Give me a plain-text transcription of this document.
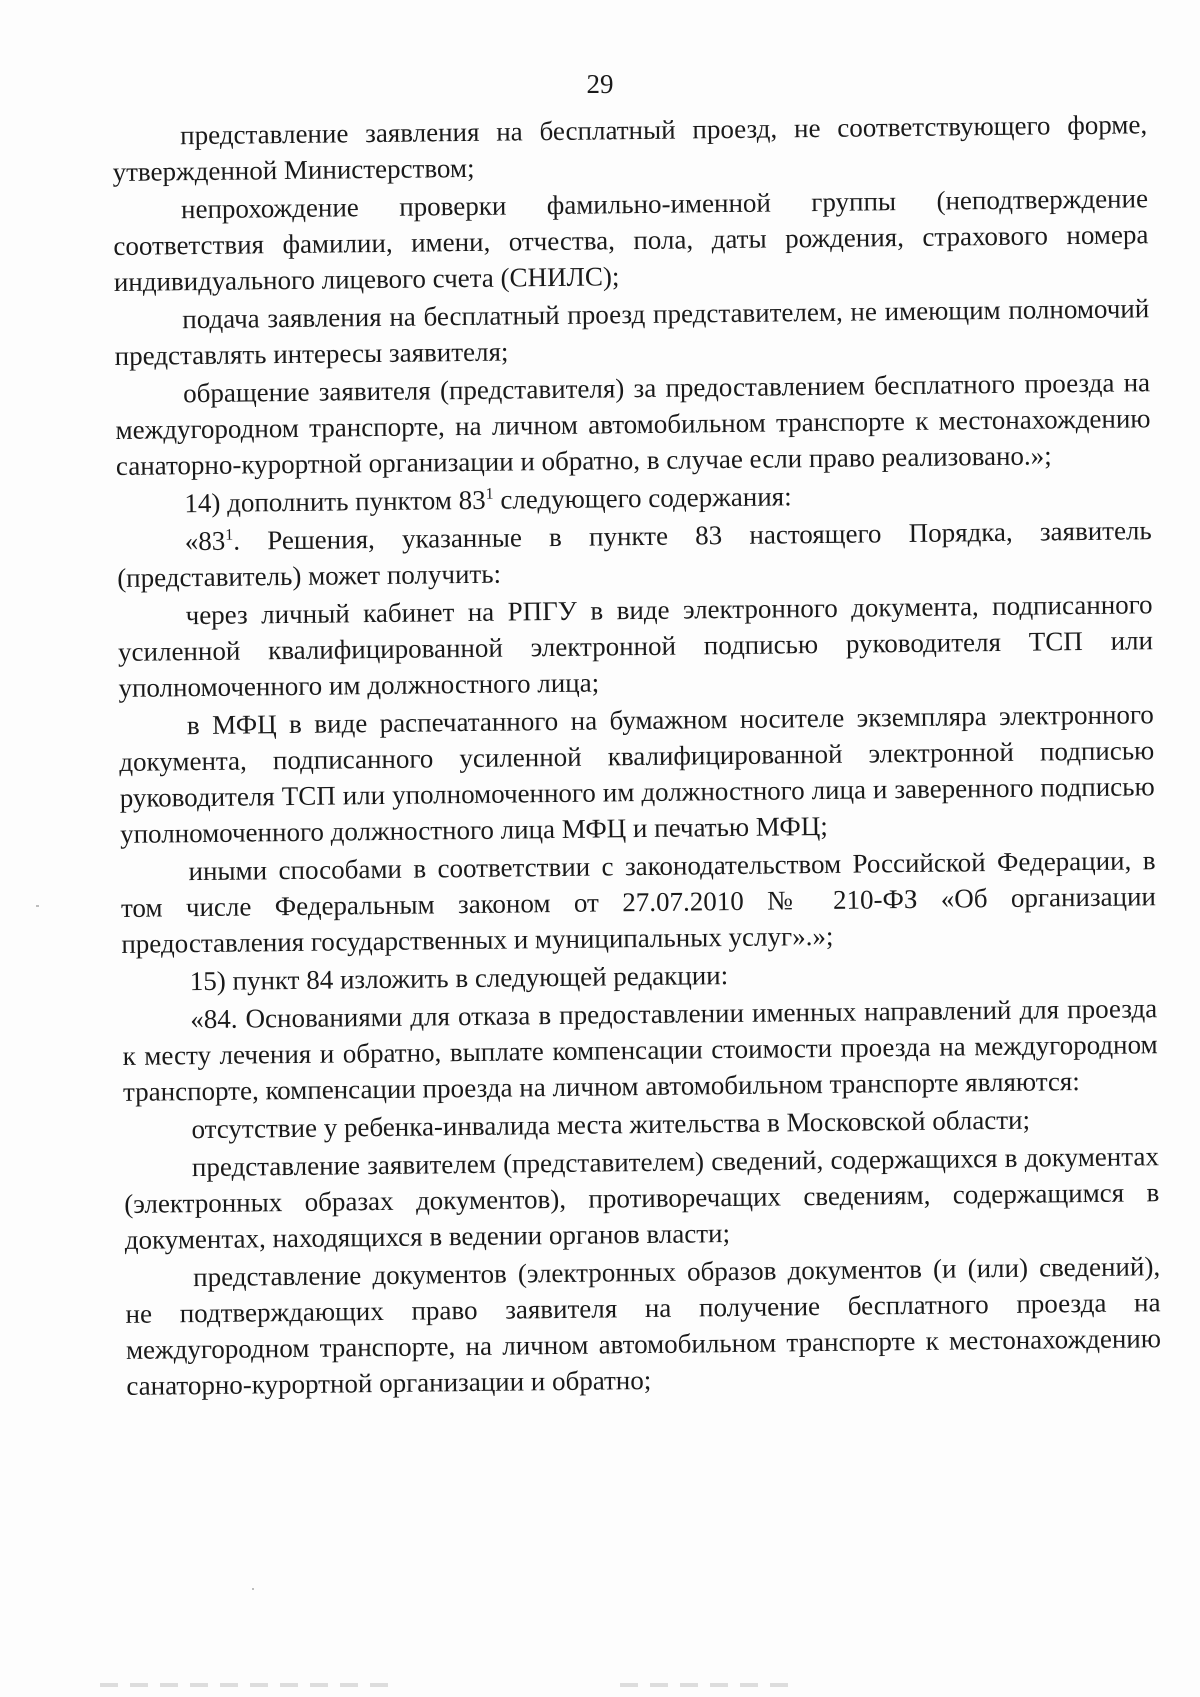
29

представление заявления на бесплатный проезд, не соответствующего форме, утвержденной Министерством;

непрохождение проверки фамильно-именной группы (неподтверждение соответствия фамилии, имени, отчества, пола, даты рождения, страхового номера индивидуального лицевого счета (СНИЛС);

подача заявления на бесплатный проезд представителем, не имеющим полномочий представлять интересы заявителя;

обращение заявителя (представителя) за предоставлением бесплатного проезда на междугородном транспорте, на личном автомобильном транспорте к местонахождению санаторно-курортной организации и обратно, в случае если право реализовано.»;

14) дополнить пунктом $83^1$ следующего содержания:

«$83^1$. Решения, указанные в пункте 83 настоящего Порядка, заявитель (представитель) может получить:

через личный кабинет на РПГУ в виде электронного документа, подписанного усиленной квалифицированной электронной подписью руководителя ТСП или уполномоченного им должностного лица;

в МФЦ в виде распечатанного на бумажном носителе экземпляра электронного документа, подписанного усиленной квалифицированной электронной подписью руководителя ТСП или уполномоченного им должностного лица и заверенного подписью уполномоченного должностного лица МФЦ и печатью МФЦ;

иными способами в соответствии с законодательством Российской Федерации, в том числе Федеральным законом от 27.07.2010 № 210-ФЗ «Об организации предоставления государственных и муниципальных услуг».»;

15) пункт 84 изложить в следующей редакции:

«84. Основаниями для отказа в предоставлении именных направлений для проезда к месту лечения и обратно, выплате компенсации стоимости проезда на междугородном транспорте, компенсации проезда на личном автомобильном транспорте являются:

отсутствие у ребенка-инвалида места жительства в Московской области;

представление заявителем (представителем) сведений, содержащихся в документах (электронных образах документов), противоречащих сведениям, содержащимся в документах, находящихся в ведении органов власти;

представление документов (электронных образов документов (и (или) сведений), не подтверждающих право заявителя на получение бесплатного проезда на междугородном транспорте, на личном автомобильном транспорте к местонахождению санаторно-курортной организации и обратно;
